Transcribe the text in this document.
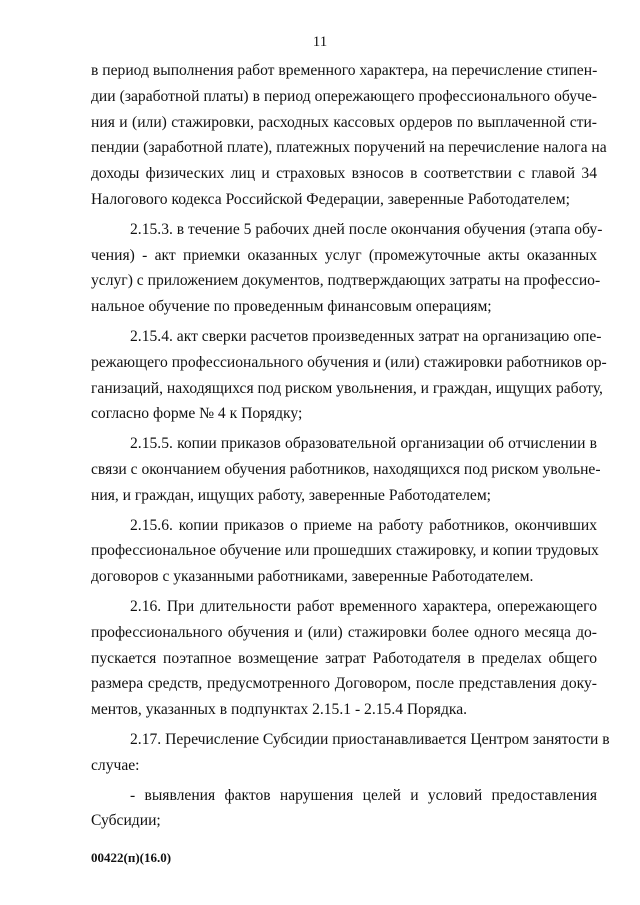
11
в период выполнения работ временного характера, на перечисление стипен-
дии (заработной платы) в период опережающего профессионального обуче-
ния и (или) стажировки, расходных кассовых ордеров по выплаченной сти-
пендии (заработной плате), платежных поручений на перечисление налога на
доходы физических лиц и страховых взносов в соответствии с главой 34
Налогового кодекса Российской Федерации, заверенные Работодателем;
2.15.3. в течение 5 рабочих дней после окончания обучения (этапа обу-
чения) - акт приемки оказанных услуг (промежуточные акты оказанных
услуг) с приложением документов, подтверждающих затраты на профессио-
нальное обучение по проведенным финансовым операциям;
2.15.4. акт сверки расчетов произведенных затрат на организацию опе-
режающего профессионального обучения и (или) стажировки работников ор-
ганизаций, находящихся под риском увольнения, и граждан, ищущих работу,
согласно форме № 4 к Порядку;
2.15.5. копии приказов образовательной организации об отчислении в
связи с окончанием обучения работников, находящихся под риском увольне-
ния, и граждан, ищущих работу, заверенные Работодателем;
2.15.6. копии приказов о приеме на работу работников, окончивших
профессиональное обучение или прошедших стажировку, и копии трудовых
договоров с указанными работниками, заверенные Работодателем.
2.16. При длительности работ временного характера, опережающего
профессионального обучения и (или) стажировки более одного месяца до-
пускается поэтапное возмещение затрат Работодателя в пределах общего
размера средств, предусмотренного Договором, после представления доку-
ментов, указанных в подпунктах 2.15.1 - 2.15.4 Порядка.
2.17. Перечисление Субсидии приостанавливается Центром занятости в
случае:
- выявления фактов нарушения целей и условий предоставления
Субсидии;
00422(п)(16.0)
